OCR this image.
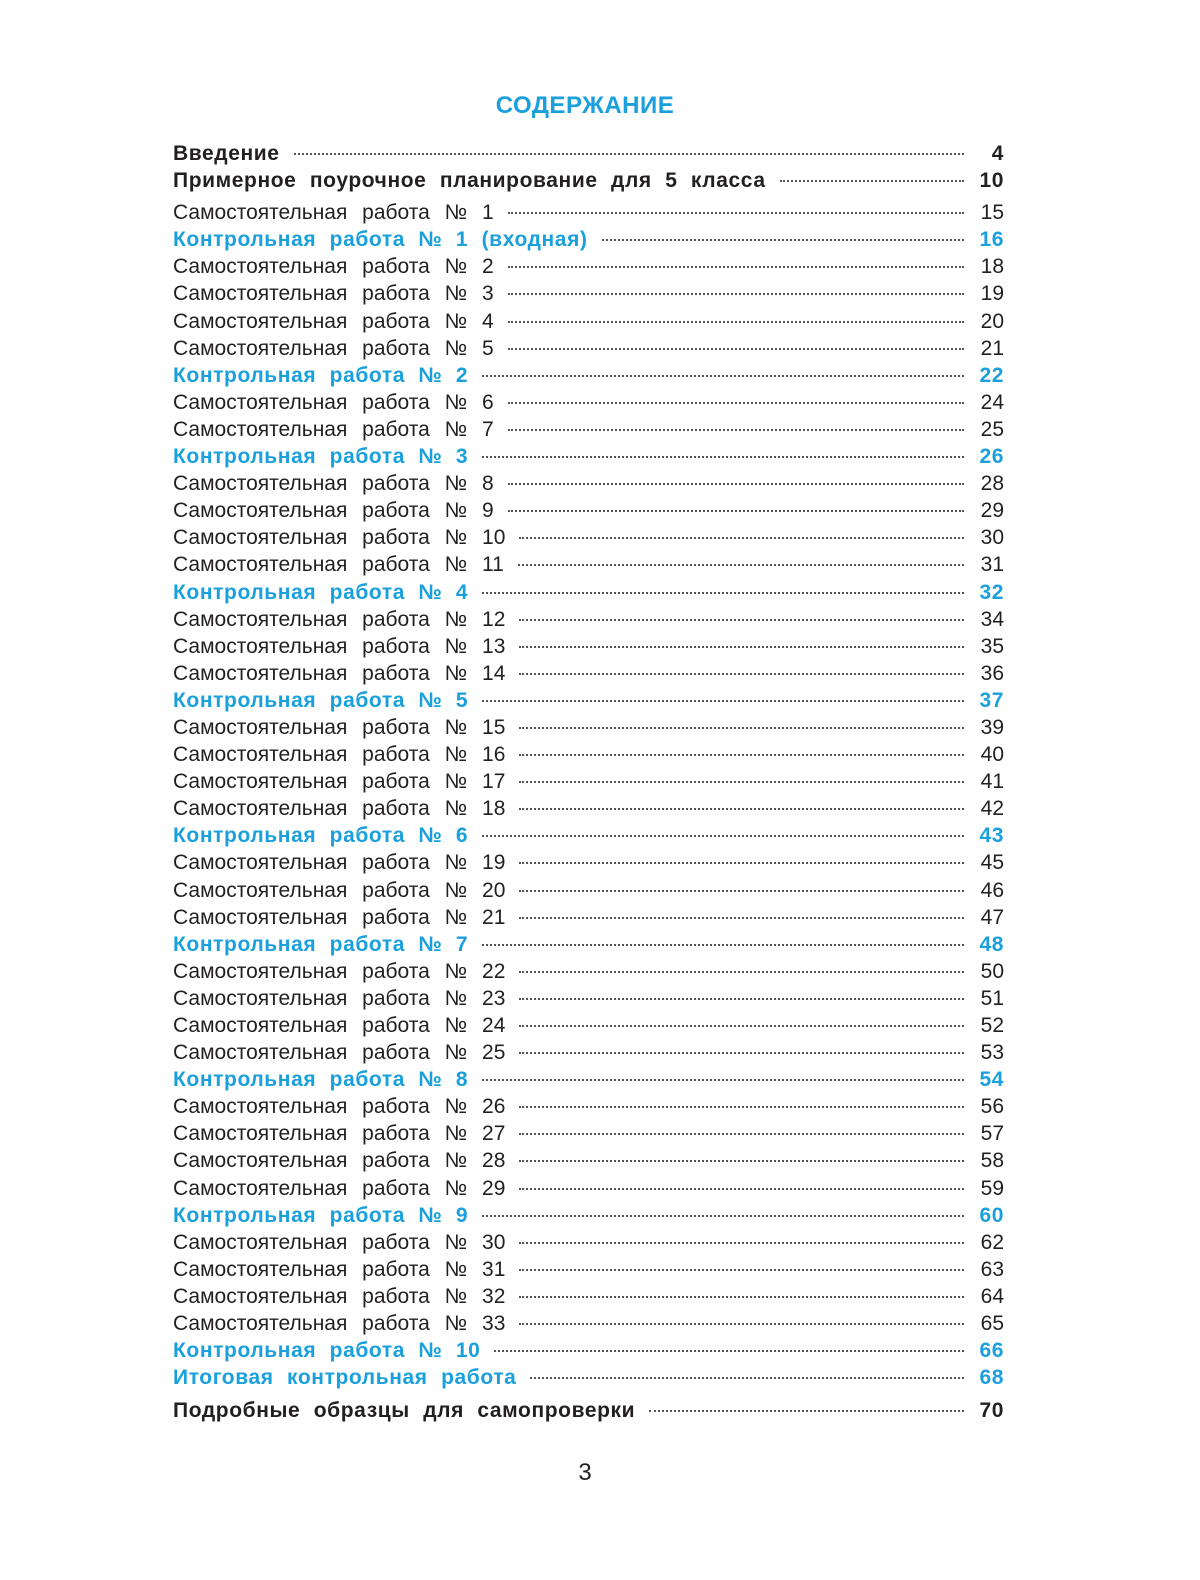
СОДЕРЖАНИЕ
Введение	4
Примерное поурочное планирование для 5 класса	10
Самостоятельная работа № 1	15
Контрольная работа № 1 (входная)	16
Самостоятельная работа № 2	18
Самостоятельная работа № 3	19
Самостоятельная работа № 4	20
Самостоятельная работа № 5	21
Контрольная работа № 2	22
Самостоятельная работа № 6	24
Самостоятельная работа № 7	25
Контрольная работа № 3	26
Самостоятельная работа № 8	28
Самостоятельная работа № 9	29
Самостоятельная работа № 10	30
Самостоятельная работа № 11	31
Контрольная работа № 4	32
Самостоятельная работа № 12	34
Самостоятельная работа № 13	35
Самостоятельная работа № 14	36
Контрольная работа № 5	37
Самостоятельная работа № 15	39
Самостоятельная работа № 16	40
Самостоятельная работа № 17	41
Самостоятельная работа № 18	42
Контрольная работа № 6	43
Самостоятельная работа № 19	45
Самостоятельная работа № 20	46
Самостоятельная работа № 21	47
Контрольная работа № 7	48
Самостоятельная работа № 22	50
Самостоятельная работа № 23	51
Самостоятельная работа № 24	52
Самостоятельная работа № 25	53
Контрольная работа № 8	54
Самостоятельная работа № 26	56
Самостоятельная работа № 27	57
Самостоятельная работа № 28	58
Самостоятельная работа № 29	59
Контрольная работа № 9	60
Самостоятельная работа № 30	62
Самостоятельная работа № 31	63
Самостоятельная работа № 32	64
Самостоятельная работа № 33	65
Контрольная работа № 10	66
Итоговая контрольная работа	68
Подробные образцы для самопроверки	70
3
